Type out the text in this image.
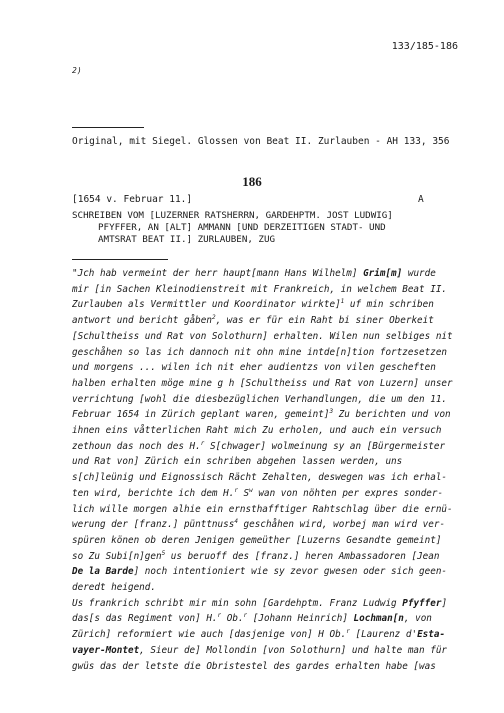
133/185-186
2)
Original, mit Siegel. Glossen von Beat II. Zurlauben - AH 133, 356
186
[1654 v. Februar 11.]	A
SCHREIBEN VOM [LUZERNER RATSHERRN, GARDEHPTM. JOST LUDWIG]
PFYFFER, AN [ALT] AMMANN [UND DERZEITIGEN STADT- UND
AMTSRAT BEAT II.] ZURLAUBEN, ZUG
"Jch hab vermeint der herr haupt[mann Hans Wilhelm] Grim[m] wurde
mir [in Sachen Kleinodienstreit mit Frankreich, in welchem Beat II.
Zurlauben als Vermittler und Koordinator wirkte]$^1$ uf min schriben
antwort und bericht gåben$^2$, was er für ein Raht bi siner Oberkeit
[Schultheiss und Rat von Solothurn] erhalten. Wilen nun selbiges nit
geschåhen so las ich dannoch nit ohn mine intde[n]tion fortzesetzen
und morgens ... wilen ich nit eher audientzs von vilen gescheften
halben erhalten möge mine g h [Schultheiss und Rat von Luzern] unser
verrichtung [wohl die diesbezüglichen Verhandlungen, die um den 11.
Februar 1654 in Zürich geplant waren, gemeint]$^3$ Zu berichten und von
ihnen eins våtterlichen Raht mich Zu erholen, und auch ein versuch
zethoun das noch des H.$^r$ S[chwager] wolmeinung sy an [Bürgermeister
und Rat von] Zürich ein schriben abgehen lassen werden, uns
s[ch]leünig und Eignossisch Rächt Zehalten, deswegen was ich erhal-
ten wird, berichte ich dem H.$^r$ $S^w$ wan von nöhten per expres sonder-
lich wille morgen alhie ein ernsthafftiger Rahtschlag über die ernü-
werung der [franz.] pünttnuss$^4$ geschåhen wird, worbej man wird ver-
spüren könen ob deren Jenigen gemeüther [Luzerns Gesandte gemeint]
so Zu Subi[n]gen$^5$ us beruoff des [franz.] heren Ambassadoren [Jean
De la Barde] noch intentioniert wie sy zevor gwesen oder sich geen-
deredt heigend.
Us frankrich schribt mir min sohn [Gardehptm. Franz Ludwig Pfyffer]
das[s das Regiment von] H.$^r$ Ob.$^r$ [Johann Heinrich] Lochman[n, von
Zürich] reformiert wie auch [dasjenige von] H Ob.$^r$ [Laurenz d'Esta-
vayer-Montet, Sieur de] Mollondin [von Solothurn] und halte man für
gwüs das der letste die Obristestel des gardes erhalten habe [was
